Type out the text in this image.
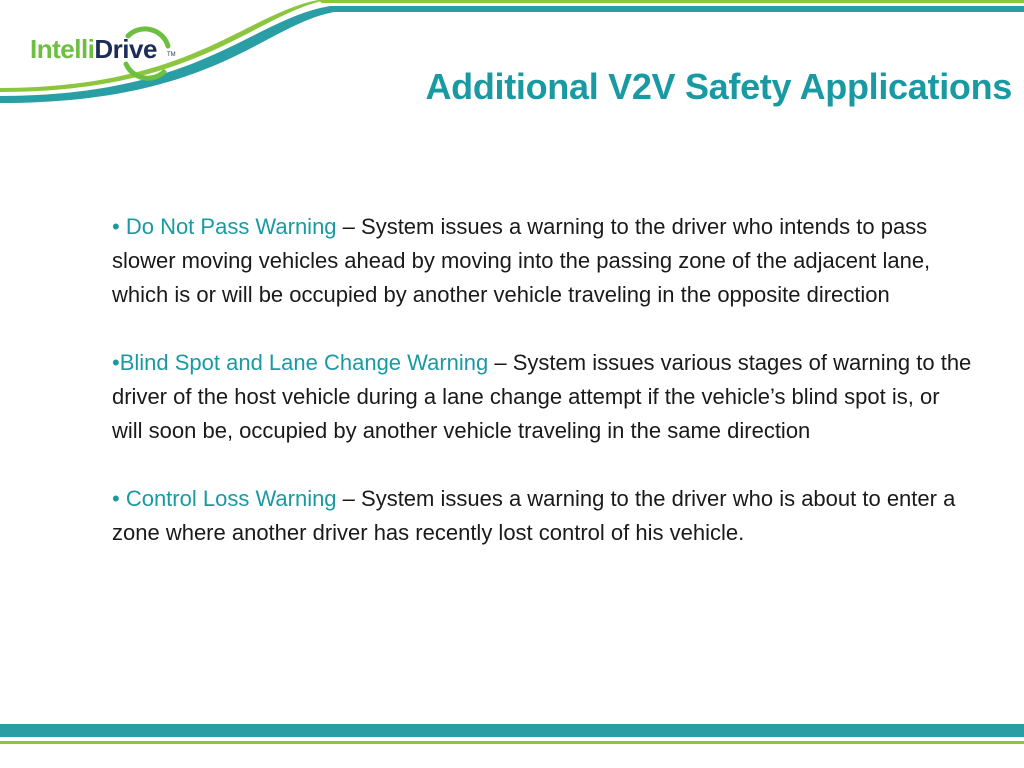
IntelliDrive TM
Additional V2V Safety Applications

• Do Not Pass Warning – System issues a warning to the driver who intends to pass slower moving vehicles ahead by moving into the passing zone of the adjacent lane, which is or will be occupied by another vehicle traveling in the opposite direction

•Blind Spot and Lane Change Warning – System issues various stages of warning to the driver of the host vehicle during a lane change attempt if the vehicle’s blind spot is, or will soon be, occupied by another vehicle traveling in the same direction

• Control Loss Warning – System issues a warning to the driver who is about to enter a zone where another driver has recently lost control of his vehicle.
